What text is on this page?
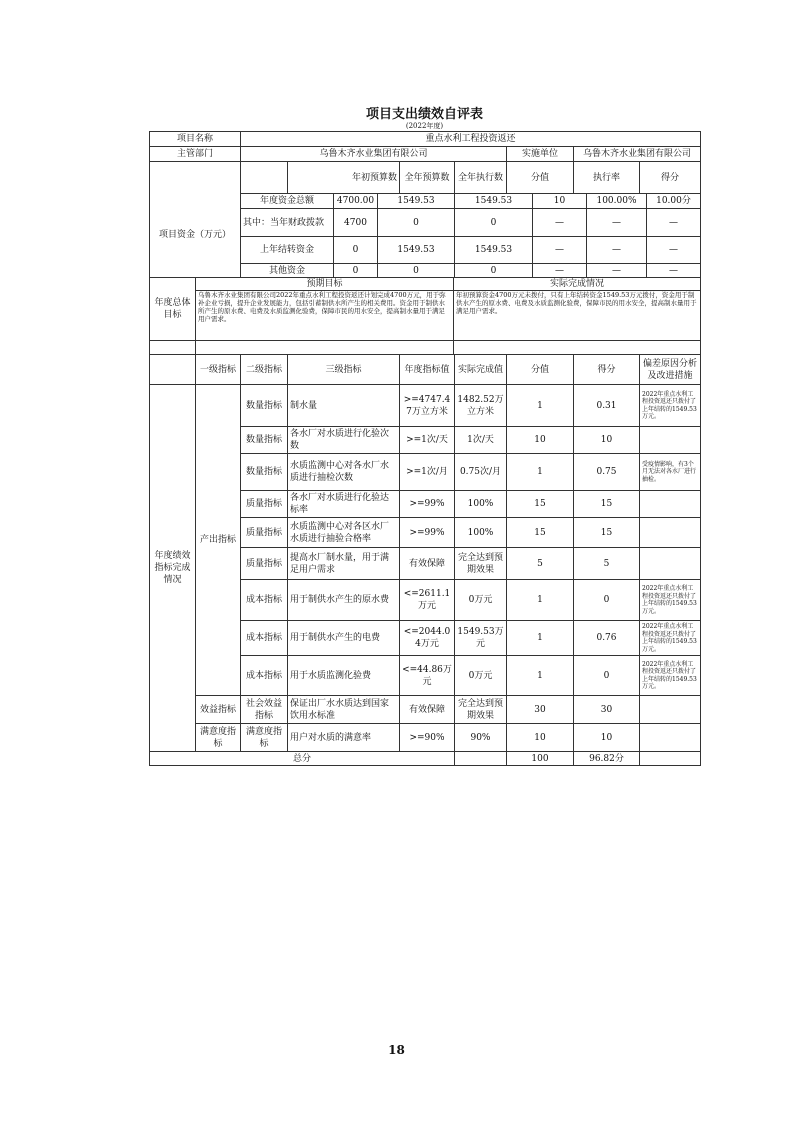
项目支出绩效自评表
(2022年度)
项目名称	重点水利工程投资返还						
主管部门	乌鲁木齐水业集团有限公司				实施单位	乌鲁木齐水业集团有限公司	
		年初预算数	全年预算数	全年执行数	分值	执行率	得分
项目资金（万元）	年度资金总额	4700.00	1549.53	1549.53	10	100.00%	10.00分
	其中：当年财政拨款	4700	0	0	—	—	—
	上年结转资金	0	1549.53	1549.53	—	—	—
	其他资金	0	0	0	—	—	—
年度总体目标	预期目标	实际完成情况
	乌鲁木齐水业集团有限公司2022年重点水利工程投资返还计划完成4700万元，用于弥补企业亏损，提升企业发展能力，包括引蓄制供水所产生的相关费用。资金用于制供水所产生的原水费、电费及水质监测化验费，保障市民的用水安全，提高制水量用于满足用户需求。	年初预算资金4700万元未拨付，只有上年结转资金1549.53万元拨付，资金用于制供水产生的原水费、电费及水质监测化验费，保障市民的用水安全，提高制水量用于满足用户需求。

	一级指标	二级指标	三级指标	年度指标值	实际完成值	分值	得分	偏差原因分析及改进措施
年度绩效指标完成情况	产出指标	数量指标	制水量	>=4747.47万立方米	1482.52万立方米	1	0.31	2022年重点水利工程投资返还只拨付了上年结转的1549.53万元。
		数量指标	各水厂对水质进行化验次数	>=1次/天	1次/天	10	10	
		数量指标	水质监测中心对各水厂水质进行抽检次数	>=1次/月	0.75次/月	1	0.75	受疫情影响，有3个月无法对各水厂进行抽检。
		质量指标	各水厂对水质进行化验达标率	>=99%	100%	15	15	
		质量指标	水质监测中心对各区水厂水质进行抽验合格率	>=99%	100%	15	15	
		质量指标	提高水厂制水量，用于满足用户需求	有效保障	完全达到预期效果	5	5	
		成本指标	用于制供水产生的原水费	<=2611.1万元	0万元	1	0	2022年重点水利工程投资返还只拨付了上年结转的1549.53万元。
		成本指标	用于制供水产生的电费	<=2044.04万元	1549.53万元	1	0.76	2022年重点水利工程投资返还只拨付了上年结转的1549.53万元。
		成本指标	用于水质监测化验费	<=44.86万元	0万元	1	0	2022年重点水利工程投资返还只拨付了上年结转的1549.53万元。
	效益指标	社会效益指标	保证出厂水水质达到国家饮用水标准	有效保障	完全达到预期效果	30	30	
	满意度指标	满意度指标	用户对水质的满意率	>=90%	90%	10	10	
总分						100	96.82分	
18
